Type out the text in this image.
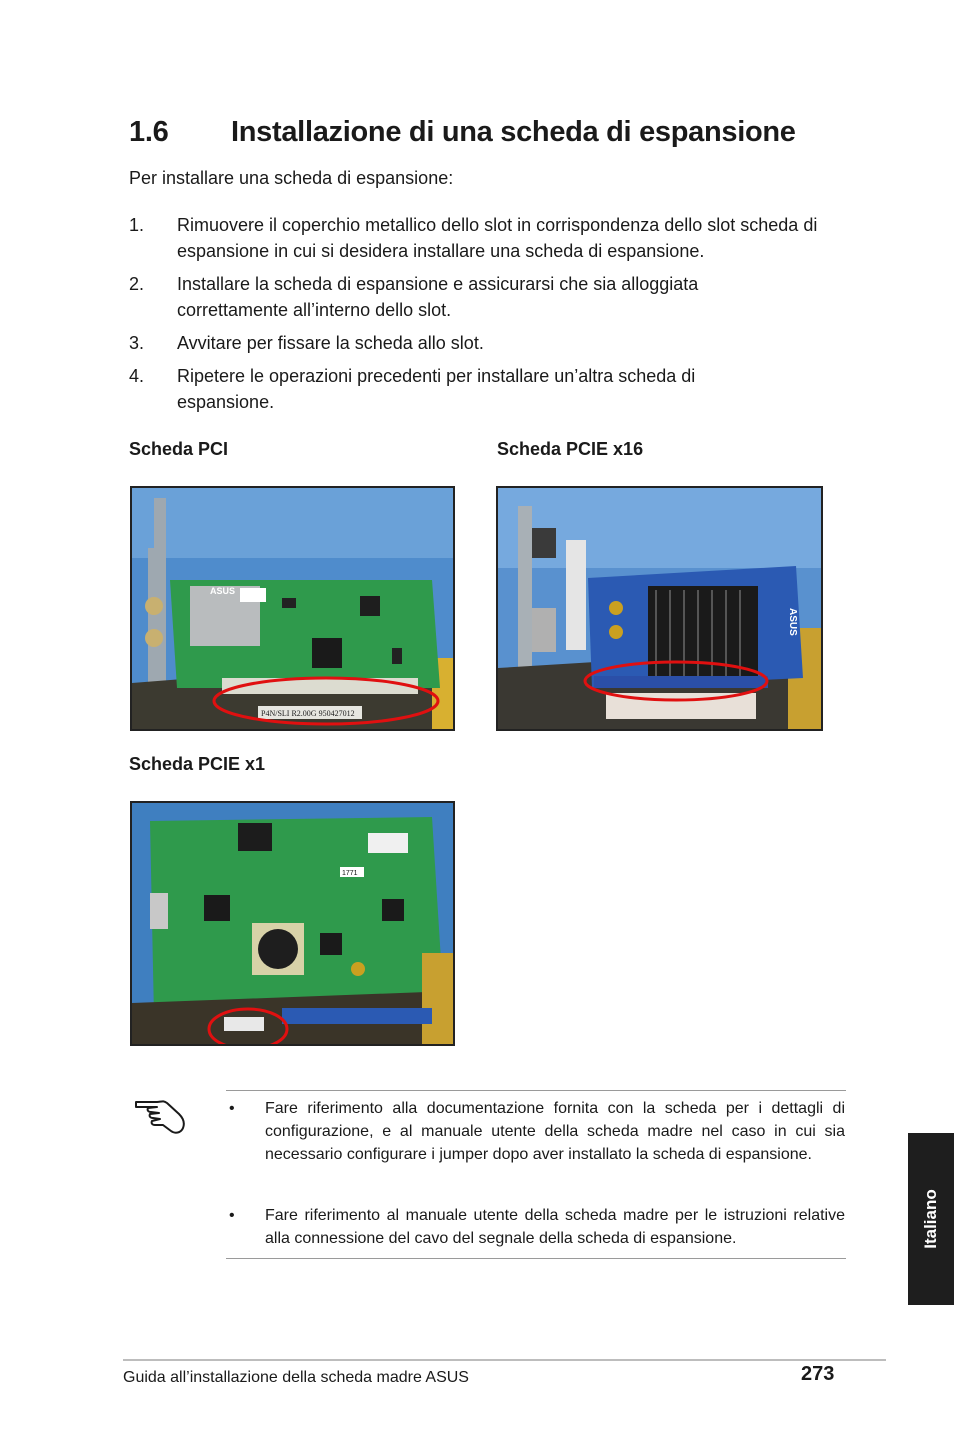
1.6 Installazione di una scheda di espansione
Per installare una scheda di espansione:
1. Rimuovere il coperchio metallico dello slot in corrispondenza dello slot scheda di espansione in cui si desidera installare una scheda di espansione.
2. Installare la scheda di espansione e assicurarsi che sia alloggiata correttamente all’interno dello slot.
3. Avvitare per fissare la scheda allo slot.
4. Ripetere le operazioni precedenti per installare un’altra scheda di espansione.
Scheda PCI	Scheda PCIE x16
Scheda PCIE x1
ASUS
P4N/SLI R2.00G 950427012
ASUS
1771
• Fare riferimento alla documentazione fornita con la scheda per i dettagli di configurazione, e al manuale utente della scheda madre nel caso in cui sia necessario configurare i jumper dopo aver installato la scheda di espansione.
• Fare riferimento al manuale utente della scheda madre per le istruzioni relative alla connessione del cavo del segnale della scheda di espansione.	Italiano
Guida all’installazione della scheda madre ASUS	273
